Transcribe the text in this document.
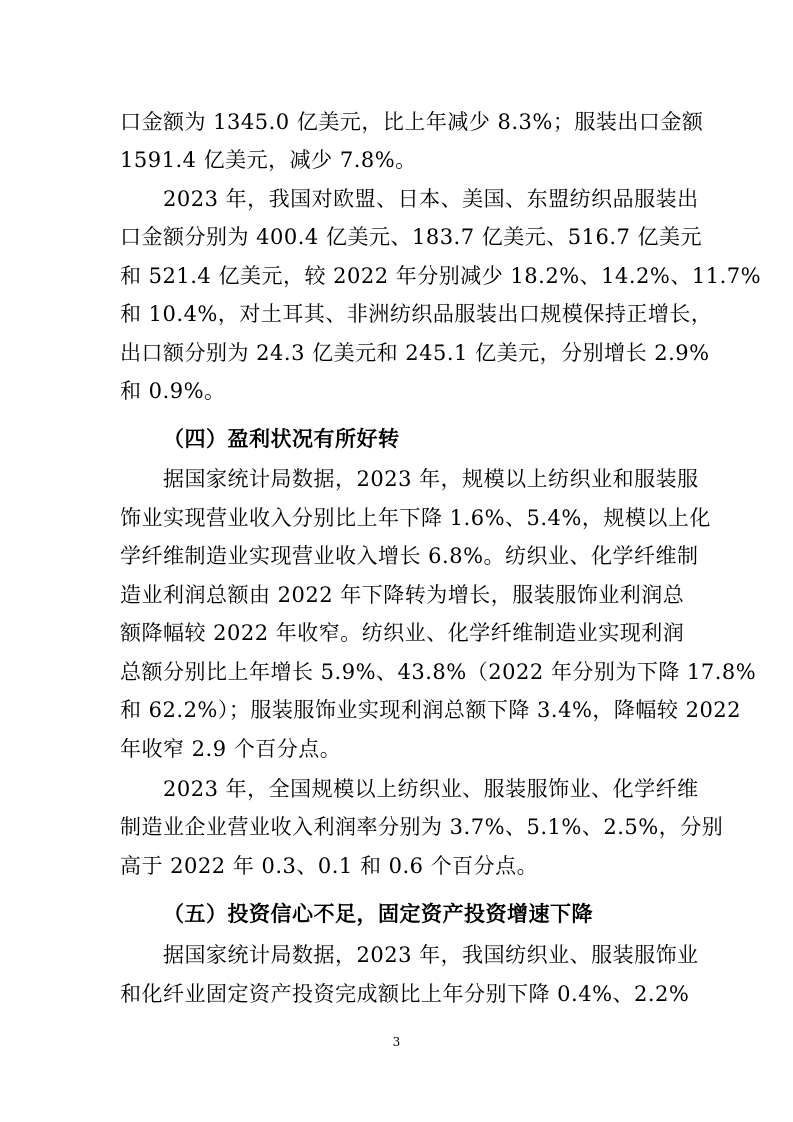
口金额为 1345.0 亿美元，比上年减少 8.3%；服装出口金额
1591.4 亿美元，减少 7.8%。
2023 年，我国对欧盟、日本、美国、东盟纺织品服装出
口金额分别为 400.4 亿美元、183.7 亿美元、516.7 亿美元
和 521.4 亿美元，较 2022 年分别减少 18.2%、14.2%、11.7%
和 10.4%，对土耳其、非洲纺织品服装出口规模保持正增长，
出口额分别为 24.3 亿美元和 245.1 亿美元，分别增长 2.9%
和 0.9%。
（四）盈利状况有所好转
据国家统计局数据，2023 年，规模以上纺织业和服装服
饰业实现营业收入分别比上年下降 1.6%、5.4%，规模以上化
学纤维制造业实现营业收入增长 6.8%。纺织业、化学纤维制
造业利润总额由 2022 年下降转为增长，服装服饰业利润总
额降幅较 2022 年收窄。纺织业、化学纤维制造业实现利润
总额分别比上年增长 5.9%、43.8%（2022 年分别为下降 17.8%
和 62.2%）；服装服饰业实现利润总额下降 3.4%，降幅较 2022
年收窄 2.9 个百分点。
2023 年，全国规模以上纺织业、服装服饰业、化学纤维
制造业企业营业收入利润率分别为 3.7%、5.1%、2.5%，分别
高于 2022 年 0.3、0.1 和 0.6 个百分点。
（五）投资信心不足，固定资产投资增速下降
据国家统计局数据，2023 年，我国纺织业、服装服饰业
和化纤业固定资产投资完成额比上年分别下降 0.4%、2.2%
3
